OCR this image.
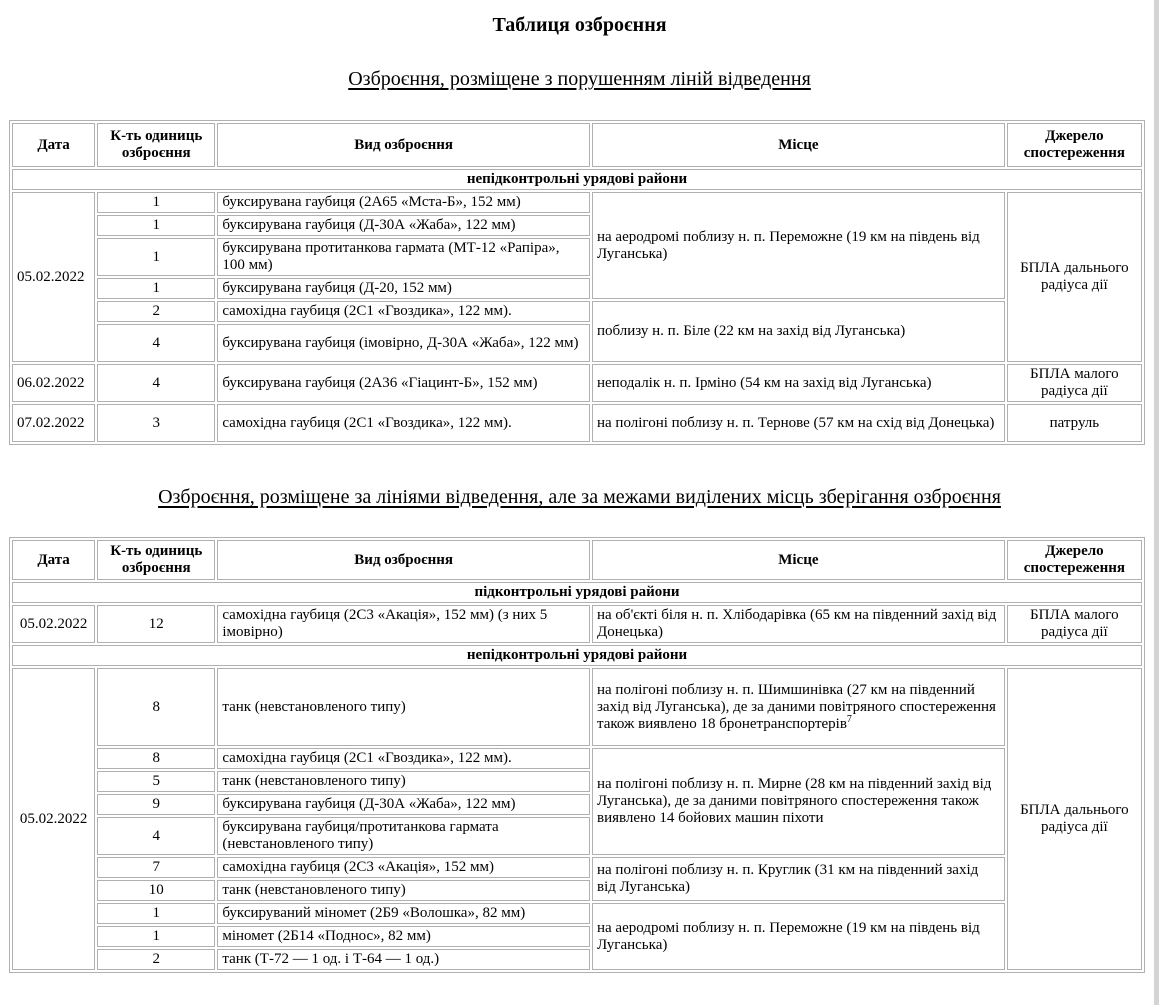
Таблиця озброєння
Озброєння, розміщене з порушенням ліній відведення
Дата	К-ть одиниць озброєння	Вид озброєння	Місце	Джерело спостереження
непідконтрольні урядові райони				
05.02.2022	1	буксирувана гаубиця (2А65 «Мста-Б», 152 мм)	на аеродромі поблизу н. п. Переможне (19 км на південь від Луганська)	БПЛА дальнього радіуса дії
	1	буксирувана гаубиця (Д-30А «Жаба», 122 мм)		
	1	буксирувана протитанкова гармата (МТ-12 «Рапіра», 100 мм)		
	1	буксирувана гаубиця (Д-20, 152 мм)		
	2	самохідна гаубиця (2С1 «Гвоздика», 122 мм).	поблизу н. п. Біле (22 км на захід від Луганська)	
	4	буксирувана гаубиця (імовірно, Д-30А «Жаба», 122 мм)		
06.02.2022	4	буксирувана гаубиця (2А36 «Гіацинт-Б», 152 мм)	неподалік н. п. Ірміно (54 км на захід від Луганська)	БПЛА малого радіуса дії
07.02.2022	3	самохідна гаубиця (2С1 «Гвоздика», 122 мм).	на полігоні поблизу н. п. Тернове (57 км на схід від Донецька)	патруль
Озброєння, розміщене за лініями відведення, але за межами виділених місць зберігання озброєння
Дата	К-ть одиниць озброєння	Вид озброєння	Місце	Джерело спостереження
підконтрольні урядові райони				
05.02.2022	12	самохідна гаубиця (2С3 «Акація», 152 мм) (з них 5 імовірно)	на об'єкті біля н. п. Хлібодарівка (65 км на південний захід від Донецька)	БПЛА малого радіуса дії
непідконтрольні урядові райони				
05.02.2022	8	танк (невстановленого типу)	на полігоні поблизу н. п. Шимшинівка (27 км на південний захід від Луганська), де за даними повітряного спостереження також виявлено 18 бронетранспортерів$^7$	БПЛА дальнього радіуса дії
	8	самохідна гаубиця (2С1 «Гвоздика», 122 мм).	на полігоні поблизу н. п. Мирне (28 км на південний захід від Луганська), де за даними повітряного спостереження також виявлено 14 бойових машин піхоти	
	5	танк (невстановленого типу)		
	9	буксирувана гаубиця (Д-30А «Жаба», 122 мм)		
	4	буксирувана гаубиця/протитанкова гармата (невстановленого типу)		
	7	самохідна гаубиця (2С3 «Акація», 152 мм)	на полігоні поблизу н. п. Круглик (31 км на південний захід від Луганська)	
	10	танк (невстановленого типу)		
	1	буксируваний міномет (2Б9 «Волошка», 82 мм)	на аеродромі поблизу н. п. Переможне (19 км на південь від Луганська)	
	1	міномет (2Б14 «Поднос», 82 мм)		
	2	танк (Т-72 — 1 од. і Т-64 — 1 од.)		
